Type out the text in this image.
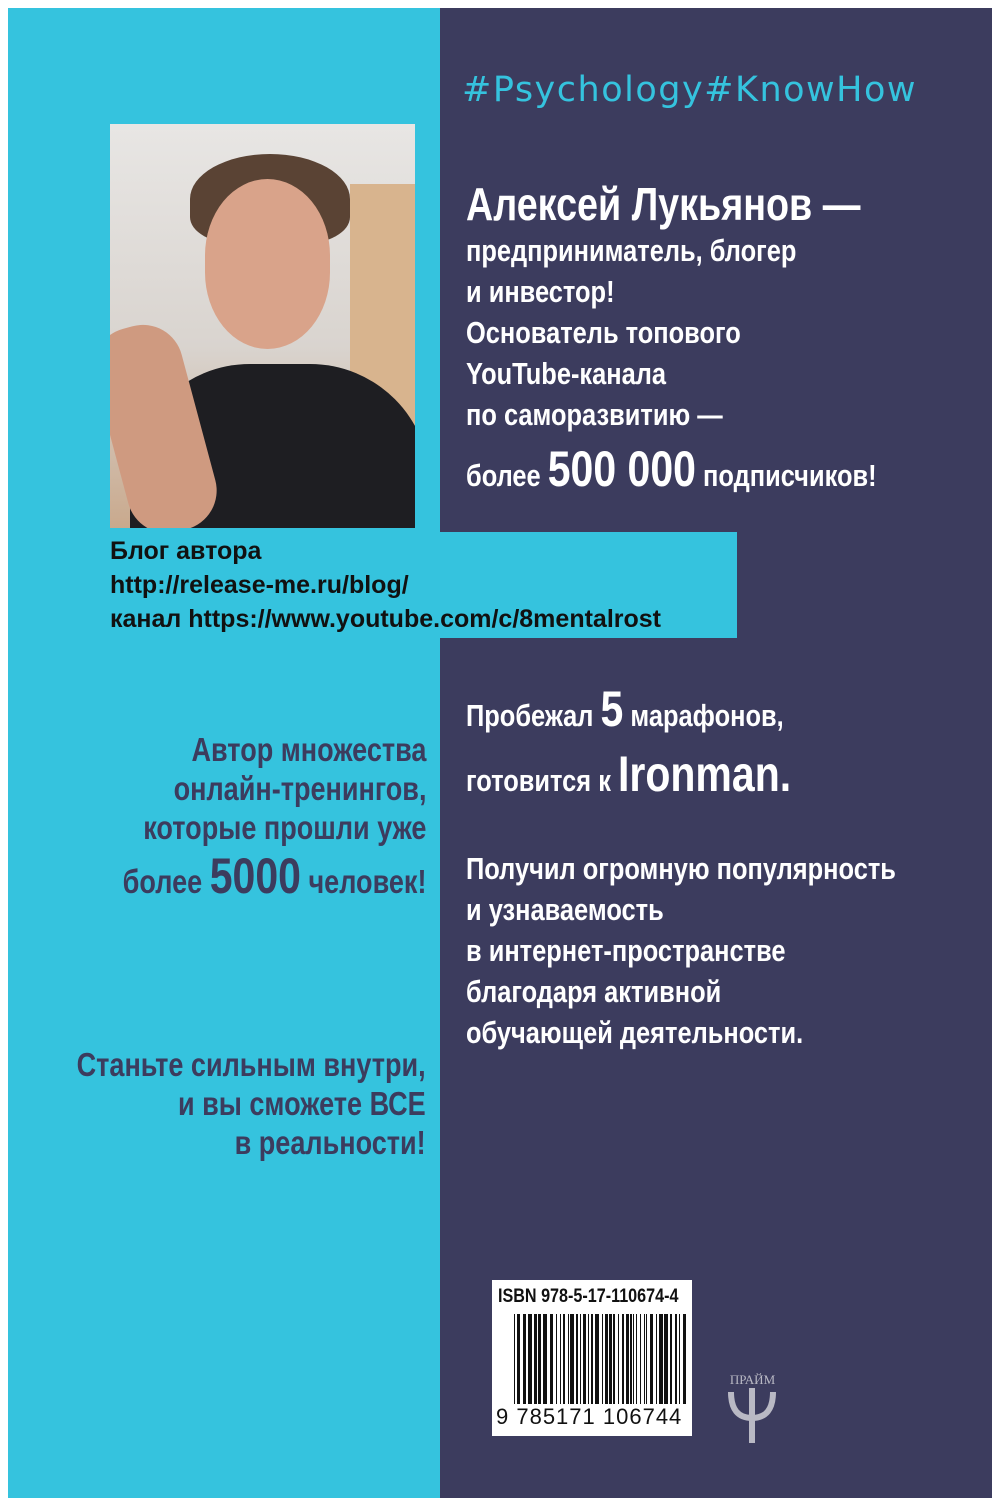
#Psychology#KnowHow
Алексей Лукьянов —
предприниматель, блогер
и инвестор!
Основатель топового
YouTube-канала
по саморазвитию —
более 500 000 подписчиков!
Блог автора
http://release-me.ru/blog/
канал https://www.youtube.com/c/8mentalrost
Пробежал 5 марафонов,
готовится к Ironman.
Получил огромную популярность
и узнаваемость
в интернет-пространстве
благодаря активной
обучающей деятельности.
Автор множества
онлайн-тренингов,
которые прошли уже
более 5000 человек!
Станьте сильным внутри,
и вы сможете ВСЕ
в реальности!
ISBN 978-5-17-110674-4
9 785171 106744
ПРАЙМ
